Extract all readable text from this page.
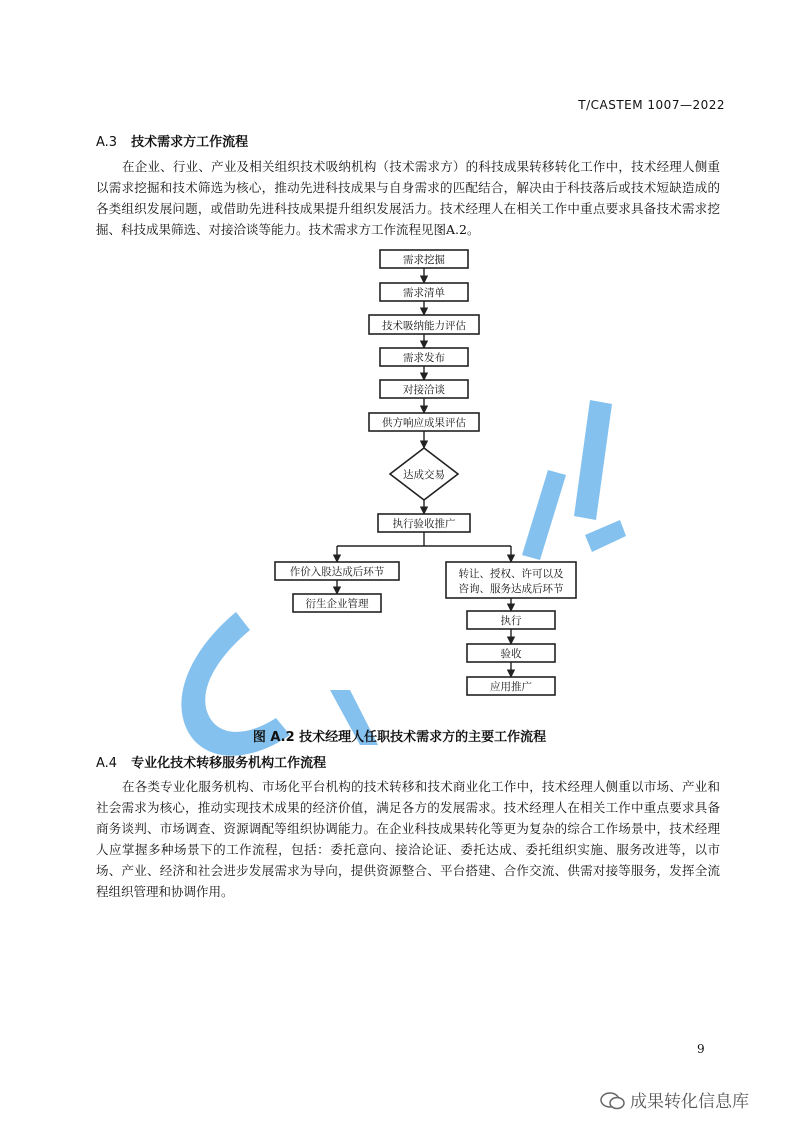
T/CASTEM 1007—2022
A.3 技术需求方工作流程
在企业、行业、产业及相关组织技术吸纳机构（技术需求方）的科技成果转移转化工作中，技术经理人侧重以需求挖掘和技术筛选为核心，推动先进科技成果与自身需求的匹配结合，解决由于科技落后或技术短缺造成的各类组织发展问题，或借助先进科技成果提升组织发展活力。技术经理人在相关工作中重点要求具备技术需求挖掘、科技成果筛选、对接洽谈等能力。技术需求方工作流程见图A.2。
需求挖掘
需求清单
技术吸纳能力评估
需求发布
对接洽谈
供方响应成果评估
达成交易
执行验收推广
作价入股达成后环节
衍生企业管理
转让、授权、许可以及
咨询、服务达成后环节
执行
验收
应用推广
图 A.2 技术经理人任职技术需求方的主要工作流程
A.4 专业化技术转移服务机构工作流程
在各类专业化服务机构、市场化平台机构的技术转移和技术商业化工作中，技术经理人侧重以市场、产业和社会需求为核心，推动实现技术成果的经济价值，满足各方的发展需求。技术经理人在相关工作中重点要求具备商务谈判、市场调查、资源调配等组织协调能力。在企业科技成果转化等更为复杂的综合工作场景中，技术经理人应掌握多种场景下的工作流程，包括：委托意向、接洽论证、委托达成、委托组织实施、服务改进等，以市场、产业、经济和社会进步发展需求为导向，提供资源整合、平台搭建、合作交流、供需对接等服务，发挥全流程组织管理和协调作用。
9
成果转化信息库
